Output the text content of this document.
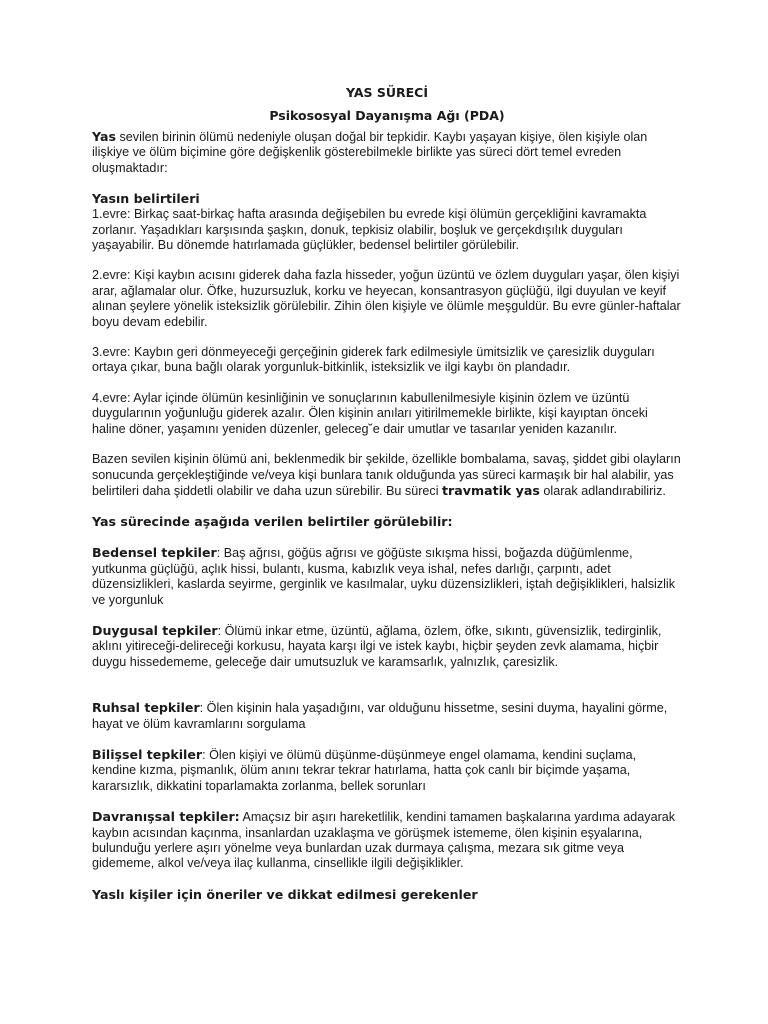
YAS SÜRECİ
Psikososyal Dayanışma Ağı (PDA)

Yas sevilen birinin ölümü nedeniyle oluşan doğal bir tepkidir. Kaybı yaşayan kişiye, ölen kişiyle olan ilişkiye ve ölüm biçimine göre değişkenlik gösterebilmekle birlikte yas süreci dört temel evreden oluşmaktadır:

Yasın belirtileri

1.evre: Birkaç saat-birkaç hafta arasında değişebilen bu evrede kişi ölümün gerçekliğini kavramakta zorlanır. Yaşadıkları karşısında şaşkın, donuk, tepkisiz olabilir, boşluk ve gerçekdışılık duyguları yaşayabilir. Bu dönemde hatırlamada güçlükler, bedensel belirtiler görülebilir.

2.evre: Kişi kaybın acısını giderek daha fazla hisseder, yoğun üzüntü ve özlem duyguları yaşar, ölen kişiyi arar, ağlamalar olur. Öfke, huzursuzluk, korku ve heyecan, konsantrasyon güçlüğü, ilgi duyulan ve keyif alınan şeylere yönelik isteksizlik görülebilir. Zihin ölen kişiyle ve ölümle meşguldür. Bu evre günler-haftalar boyu devam edebilir.

3.evre: Kaybın geri dönmeyeceği gerçeğinin giderek fark edilmesiyle ümitsizlik ve çaresizlik duyguları ortaya çıkar, buna bağlı olarak yorgunluk-bitkinlik, isteksizlik ve ilgi kaybı ön plandadır.

4.evre: Aylar içinde ölümün kesinliğinin ve sonuçlarının kabullenilmesiyle kişinin özlem ve üzüntü duygularının yoğunluğu giderek azalır. Ölen kişinin anıları yitirilmemekle birlikte, kişi kayıptan önceki haline döner, yaşamını yeniden düzenler, geleceg˘e dair umutlar ve tasarılar yeniden kazanılır.

Bazen sevilen kişinin ölümü ani, beklenmedik bir şekilde, özellikle bombalama, savaş, şiddet gibi olayların sonucunda gerçekleştiğinde ve/veya kişi bunlara tanık olduğunda yas süreci karmaşık bir hal alabilir, yas belirtileri daha şiddetli olabilir ve daha uzun sürebilir. Bu süreci travmatik yas olarak adlandırabiliriz.

Yas sürecinde aşağıda verilen belirtiler görülebilir:

Bedensel tepkiler: Baş ağrısı, göğüs ağrısı ve göğüste sıkışma hissi, boğazda düğümlenme, yutkunma güçlüğü, açlık hissi, bulantı, kusma, kabızlık veya ishal, nefes darlığı, çarpıntı, adet düzensizlikleri, kaslarda seyirme, gerginlik ve kasılmalar, uyku düzensizlikleri, iştah değişiklikleri, halsizlik ve yorgunluk

Duygusal tepkiler: Ölümü inkar etme, üzüntü, ağlama, özlem, öfke, sıkıntı, güvensizlik, tedirginlik, aklını yitireceği-delireceği korkusu, hayata karşı ilgi ve istek kaybı, hiçbir şeyden zevk alamama, hiçbir duygu hissedememe, geleceğe dair umutsuzluk ve karamsarlık, yalnızlık, çaresizlik.

Ruhsal tepkiler: Ölen kişinin hala yaşadığını, var olduğunu hissetme, sesini duyma, hayalini görme, hayat ve ölüm kavramlarını sorgulama

Bilişsel tepkiler: Ölen kişiyi ve ölümü düşünme-düşünmeye engel olamama, kendini suçlama, kendine kızma, pişmanlık, ölüm anını tekrar tekrar hatırlama, hatta çok canlı bir biçimde yaşama, kararsızlık, dikkatini toparlamakta zorlanma, bellek sorunları

Davranışsal tepkiler: Amaçsız bir aşırı hareketlilik, kendini tamamen başkalarına yardıma adayarak kaybın acısından kaçınma, insanlardan uzaklaşma ve görüşmek istememe, ölen kişinin eşyalarına, bulunduğu yerlere aşırı yönelme veya bunlardan uzak durmaya çalışma, mezara sık gitme veya gidememe, alkol ve/veya ilaç kullanma, cinsellikle ilgili değişiklikler.

Yaslı kişiler için öneriler ve dikkat edilmesi gerekenler
